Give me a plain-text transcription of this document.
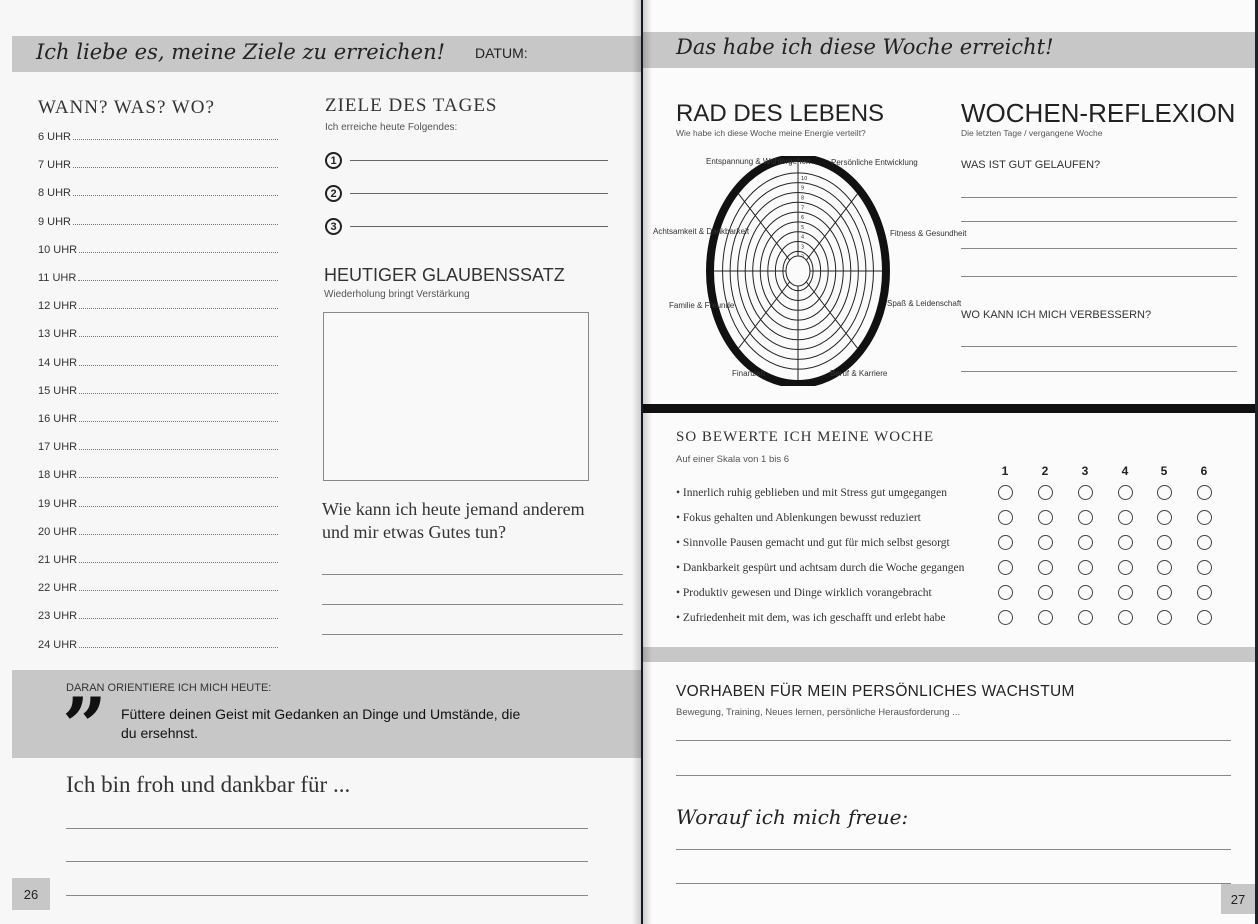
Ich liebe es, meine Ziele zu erreichen! DATUM:
WANN? WAS? WO?
6 UHR
7 UHR
8 UHR
9 UHR
10 UHR
11 UHR
12 UHR
13 UHR
14 UHR
15 UHR
16 UHR
17 UHR
18 UHR
19 UHR
20 UHR
21 UHR
22 UHR
23 UHR
24 UHR
ZIELE DES TAGES
Ich erreiche heute Folgendes:
1
2
3
HEUTIGER GLAUBENSSATZ
Wiederholung bringt Verstärkung
Wie kann ich heute jemand anderem und mir etwas Gutes tun?
DARAN ORIENTIERE ICH MICH HEUTE:
” Füttere deinen Geist mit Gedanken an Dinge und Umstände, die du ersehnst.
Ich bin froh und dankbar für ...
26
Das habe ich diese Woche erreicht!
RAD DES LEBENS
Wie habe ich diese Woche meine Energie verteilt?
10
9
8
7
6
5
4
3
Entspannung & Wohlergehen	Persönliche Entwicklung
Fitness & Gesundheit
Spaß & Leidenschaft
Beruf & Karriere
Finanzen
Familie & Freunde
Achtsamkeit & Dankbarkeit
WOCHEN-REFLEXION
Die letzten Tage / vergangene Woche
WAS IST GUT GELAUFEN?
WO KANN ICH MICH VERBESSERN?
SO BEWERTE ICH MEINE WOCHE
Auf einer Skala von 1 bis 6
VORHABEN FÜR MEIN PERSÖNLICHES WACHSTUM
Bewegung, Training, Neues lernen, persönliche Herausforderung ...
Worauf ich mich freue:
27
1	2	3	4	5	6
• Innerlich ruhig geblieben und mit Stress gut umgegangen
• Fokus gehalten und Ablenkungen bewusst reduziert
• Sinnvolle Pausen gemacht und gut für mich selbst gesorgt
• Dankbarkeit gespürt und achtsam durch die Woche gegangen
• Produktiv gewesen und Dinge wirklich vorangebracht
• Zufriedenheit mit dem, was ich geschafft und erlebt habe
